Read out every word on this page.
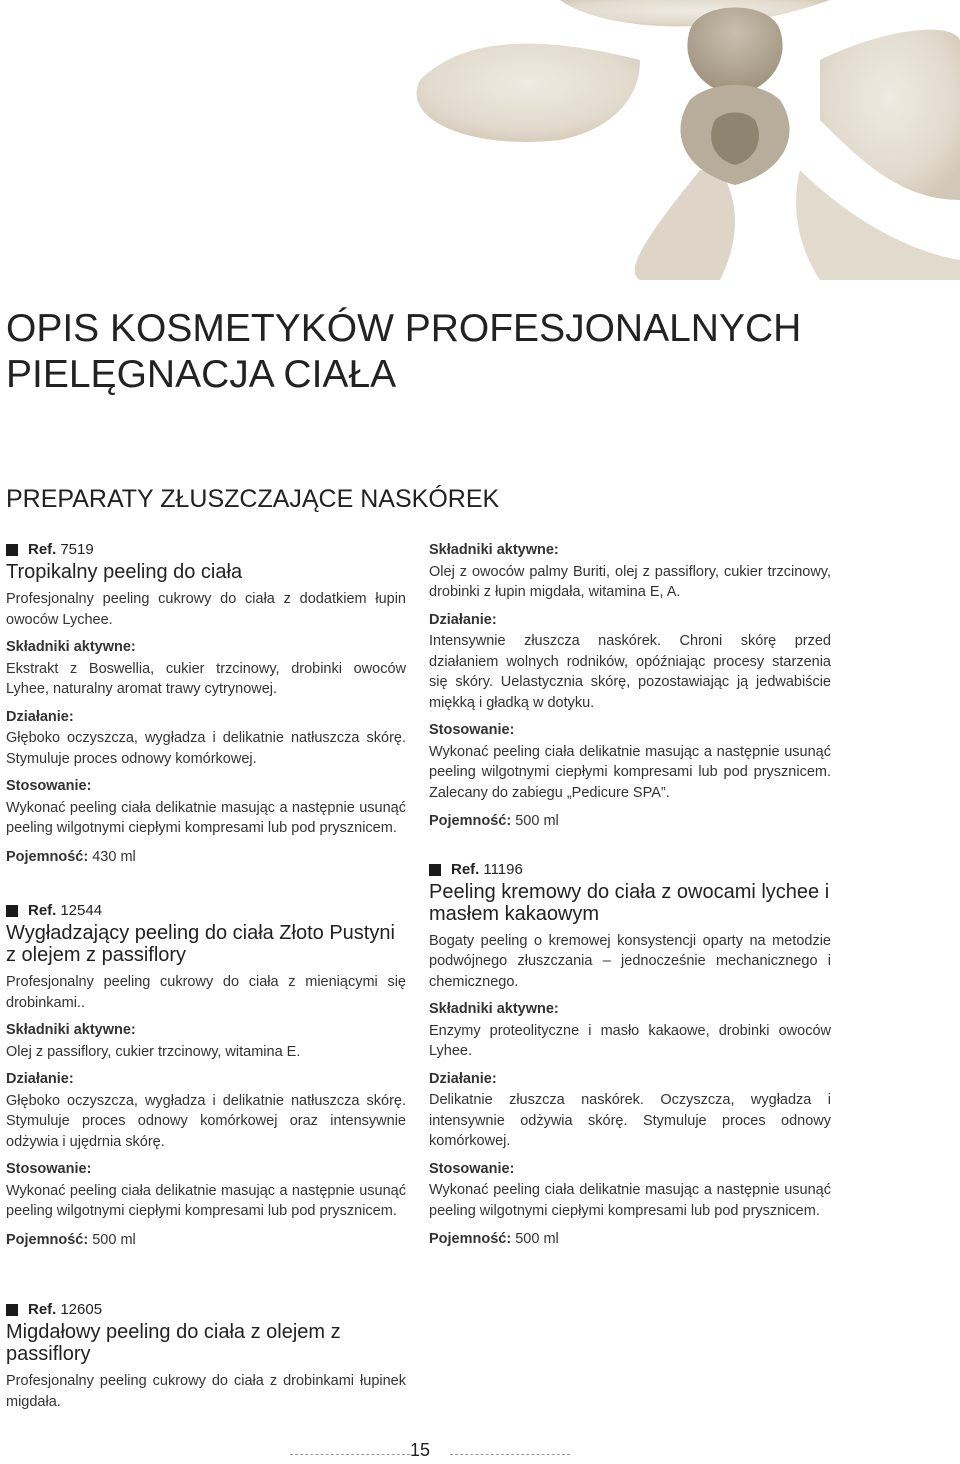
OPIS KOSMETYKÓW PROFESJONALNYCH
PIELĘGNACJA CIAŁA
PREPARATY ZŁUSZCZAJĄCE NASKÓREK
Ref. 7519
Tropikalny peeling do ciała

Profesjonalny peeling cukrowy do ciała z dodatkiem łupin owoców Lychee.

Składniki aktywne:

Ekstrakt z Boswellia, cukier trzcinowy, drobinki owoców Lyhee, naturalny aromat trawy cytrynowej.

Działanie:

Głęboko oczyszcza, wygładza i delikatnie natłuszcza skórę. Stymuluje proces odnowy komórkowej.

Stosowanie:

Wykonać peeling ciała delikatnie masując a następnie usunąć peeling wilgotnymi ciepłymi kompresami lub pod prysznicem.

Pojemność: 430 ml

Ref. 12544
Wygładzający peeling do ciała Złoto Pustyni z olejem z passiflory

Profesjonalny peeling cukrowy do ciała z mieniącymi się drobinkami..

Składniki aktywne:

Olej z passiflory, cukier trzcinowy, witamina E.

Działanie:

Głęboko oczyszcza, wygładza i delikatnie natłuszcza skórę. Stymuluje proces odnowy komórkowej oraz intensywnie odżywia i ujędrnia skórę.

Stosowanie:

Wykonać peeling ciała delikatnie masując a następnie usunąć peeling wilgotnymi ciepłymi kompresami lub pod prysznicem.

Pojemność: 500 ml

Składniki aktywne:

Olej z owoców palmy Buriti, olej z passiflory, cukier trzcinowy, drobinki z łupin migdała, witamina E, A.

Działanie:

Intensywnie złuszcza naskórek. Chroni skórę przed działaniem wolnych rodników, opóźniając procesy starzenia się skóry. Uelastycznia skórę, pozostawiając ją jedwabiście miękką i gładką w dotyku.

Stosowanie:

Wykonać peeling ciała delikatnie masując a następnie usunąć peeling wilgotnymi ciepłymi kompresami lub pod prysznicem. Zalecany do zabiegu „Pedicure SPA”.

Pojemność: 500 ml

Ref. 11196
Peeling kremowy do ciała z owocami lychee i masłem kakaowym

Bogaty peeling o kremowej konsystencji oparty na metodzie podwójnego złuszczania – jednocześnie mechanicznego i chemicznego.

Składniki aktywne:

Enzymy proteolityczne i masło kakaowe, drobinki owoców Lyhee.

Działanie:

Delikatnie złuszcza naskórek. Oczyszcza, wygładza i intensywnie odżywia skórę. Stymuluje proces odnowy komórkowej.

Stosowanie:

Wykonać peeling ciała delikatnie masując a następnie usunąć peeling wilgotnymi ciepłymi kompresami lub pod prysznicem.

Pojemność: 500 ml

Ref. 12605
Migdałowy peeling do ciała z olejem z passiflory

Profesjonalny peeling cukrowy do ciała z drobinkami łupinek migdała.

15
